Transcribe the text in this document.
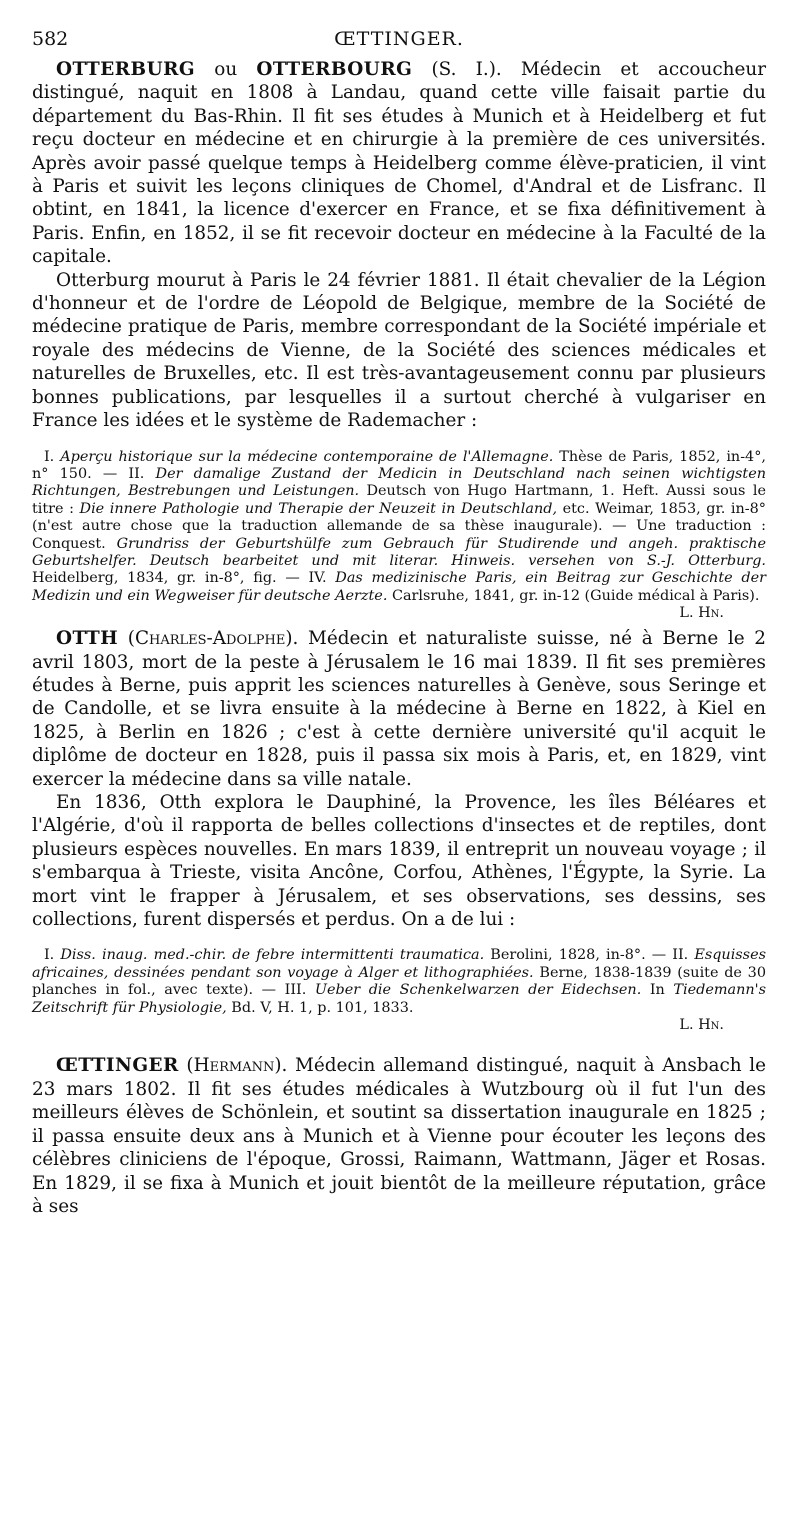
582	ŒTTINGER.

OTTERBURG ou OTTERBOURG (S. I.). Médecin et accoucheur distingué, naquit en 1808 à Landau, quand cette ville faisait partie du département du Bas-Rhin. Il fit ses études à Munich et à Heidelberg et fut reçu docteur en médecine et en chirurgie à la première de ces universités. Après avoir passé quelque temps à Heidelberg comme élève-praticien, il vint à Paris et suivit les leçons cliniques de Chomel, d'Andral et de Lisfranc. Il obtint, en 1841, la licence d'exercer en France, et se fixa définitivement à Paris. Enfin, en 1852, il se fit recevoir docteur en médecine à la Faculté de la capitale.

Otterburg mourut à Paris le 24 février 1881. Il était chevalier de la Légion d'honneur et de l'ordre de Léopold de Belgique, membre de la Société de médecine pratique de Paris, membre correspondant de la Société impériale et royale des médecins de Vienne, de la Société des sciences médicales et naturelles de Bruxelles, etc. Il est très-avantageusement connu par plusieurs bonnes publications, par lesquelles il a surtout cherché à vulgariser en France les idées et le système de Rademacher :

I. Aperçu historique sur la médecine contemporaine de l'Allemagne. Thèse de Paris, 1852, in-4°, n° 150. — II. Der damalige Zustand der Medicin in Deutschland nach seinen wichtigsten Richtungen, Bestrebungen und Leistungen. Deutsch von Hugo Hartmann, 1. Heft. Aussi sous le titre : Die innere Pathologie und Therapie der Neuzeit in Deutschland, etc. Weimar, 1853, gr. in-8° (n'est autre chose que la traduction allemande de sa thèse inaugurale). — Une traduction : Conquest. Grundriss der Geburtshülfe zum Gebrauch für Studirende und angeh. praktische Geburtshelfer. Deutsch bearbeitet und mit literar. Hinweis. versehen von S.-J. Otterburg. Heidelberg, 1834, gr. in-8°, fig. — IV. Das medizinische Paris, ein Beitrag zur Geschichte der Medizin und ein Wegweiser für deutsche Aerzte. Carlsruhe, 1841, gr. in-12 (Guide médical à Paris).
L. Hn.

OTTH (Charles-Adolphe). Médecin et naturaliste suisse, né à Berne le 2 avril 1803, mort de la peste à Jérusalem le 16 mai 1839. Il fit ses premières études à Berne, puis apprit les sciences naturelles à Genève, sous Seringe et de Candolle, et se livra ensuite à la médecine à Berne en 1822, à Kiel en 1825, à Berlin en 1826 ; c'est à cette dernière université qu'il acquit le diplôme de docteur en 1828, puis il passa six mois à Paris, et, en 1829, vint exercer la médecine dans sa ville natale.

En 1836, Otth explora le Dauphiné, la Provence, les îles Béléares et l'Algérie, d'où il rapporta de belles collections d'insectes et de reptiles, dont plusieurs espèces nouvelles. En mars 1839, il entreprit un nouveau voyage ; il s'embarqua à Trieste, visita Ancône, Corfou, Athènes, l'Égypte, la Syrie. La mort vint le frapper à Jérusalem, et ses observations, ses dessins, ses collections, furent dispersés et perdus. On a de lui :

I. Diss. inaug. med.-chir. de febre intermittenti traumatica. Berolini, 1828, in-8°. — II. Esquisses africaines, dessinées pendant son voyage à Alger et lithographiées. Berne, 1838-1839 (suite de 30 planches in fol., avec texte). — III. Ueber die Schenkelwarzen der Eidechsen. In Tiedemann's Zeitschrift für Physiologie, Bd. V, H. 1, p. 101, 1833.

L. Hn.

ŒTTINGER (Hermann). Médecin allemand distingué, naquit à Ansbach le 23 mars 1802. Il fit ses études médicales à Wutzbourg où il fut l'un des meilleurs élèves de Schönlein, et soutint sa dissertation inaugurale en 1825 ; il passa ensuite deux ans à Munich et à Vienne pour écouter les leçons des célèbres cliniciens de l'époque, Grossi, Raimann, Wattmann, Jäger et Rosas. En 1829, il se fixa à Munich et jouit bientôt de la meilleure réputation, grâce à ses
